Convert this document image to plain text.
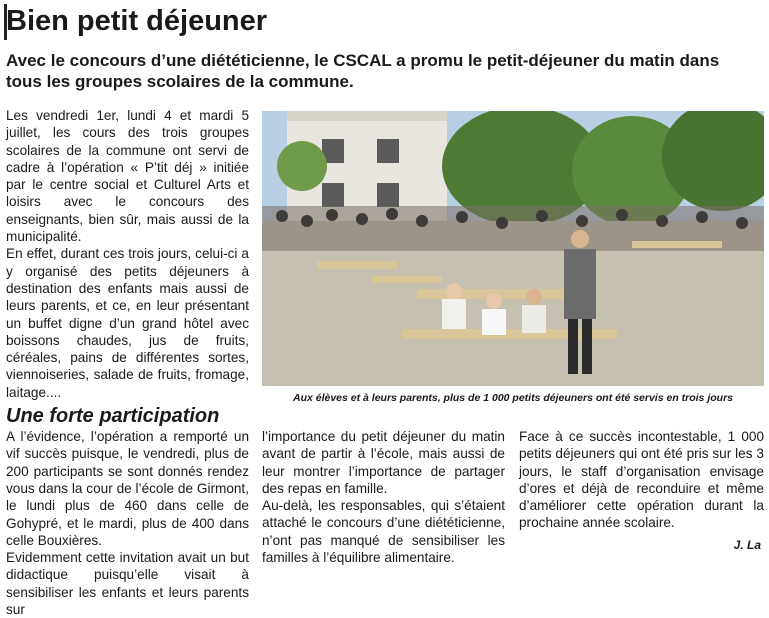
Bien petit déjeuner
Avec le concours d’une diététicienne, le CSCAL a promu le petit-déjeuner du matin dans tous les groupes scolaires de la commune.

Les vendredi 1er, lundi 4 et mardi 5 juillet, les cours des trois groupes scolaires de la commune ont servi de cadre à l’opération « P’tit déj » initiée par le centre social et Culturel Arts et loisirs avec le concours des enseignants, bien sûr, mais aussi de la municipalité.

En effet, durant ces trois jours, celui-ci a y organisé des petits déjeuners à destination des enfants mais aussi de leurs parents, et ce, en leur présentant un buffet digne d’un grand hôtel avec boissons chaudes, jus de fruits, céréales, pains de différentes sortes, viennoiseries, salade de fruits, fromage, laitage....

Une forte participation

A l’évidence, l’opération a remporté un vif succès puisque, le vendredi, plus de 200 participants se sont donnés rendez vous dans la cour de l’école de Girmont, le lundi plus de 460 dans celle de Gohypré, et le mardi, plus de 400 dans celle Bouxières.

Evidemment cette invitation avait un but didactique puisqu’elle visait à sensibiliser les enfants et leurs parents sur

Aux élèves et à leurs parents, plus de 1 000 petits déjeuners ont été servis en trois jours

l’importance du petit déjeuner du matin avant de partir à l’école, mais aussi de leur montrer l’importance de partager des repas en famille.

Au-delà, les responsables, qui s’étaient attaché le concours d’une diététicienne, n’ont pas manqué de sensibiliser les familles à l’équilibre alimentaire.

Face à ce succès incontestable, 1 000 petits déjeuners qui ont été pris sur les 3 jours, le staff d’organisation envisage d’ores et déjà de reconduire et même d’améliorer cette opération durant la prochaine année scolaire.

J. La
